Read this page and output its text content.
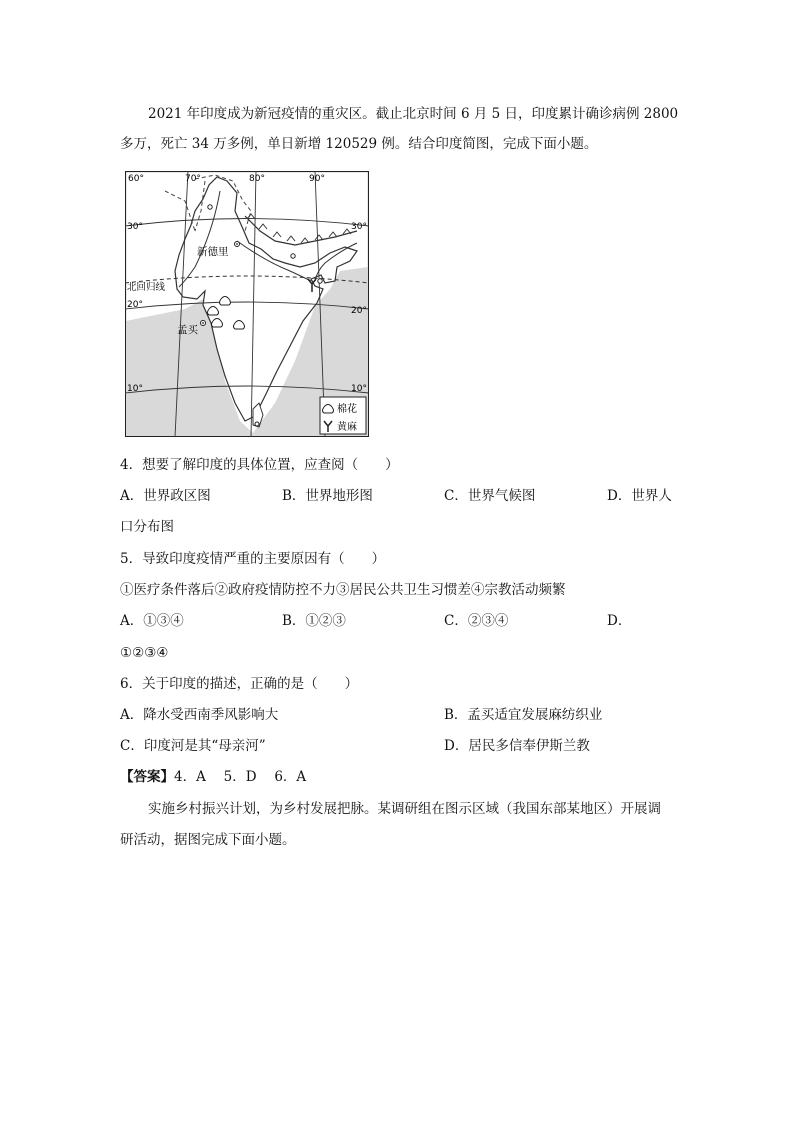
2021 年印度成为新冠疫情的重灾区。截止北京时间 6 月 5 日，印度累计确诊病例 2800
多万，死亡 34 万多例，单日新增 120529 例。结合印度简图，完成下面小题。
60°	70°	80°	90°
30°
20°
10°
30°
20°
10°
新德里
孟买
北回归线
棉花
黄麻
4．想要了解印度的具体位置，应查阅（　　）
A．世界政区图	B．世界地形图	C．世界气候图	D．世界人
口分布图
5．导致印度疫情严重的主要原因有（　　）
①医疗条件落后②政府疫情防控不力③居民公共卫生习惯差④宗教活动频繁
A．①③④	B．①②③	C．②③④	D．
①②③④
6．关于印度的描述，正确的是（　　）
A．降水受西南季风影响大	B．孟买适宜发展麻纺织业
C．印度河是其“母亲河”	D．居民多信奉伊斯兰教
【答案】4．A　 5．D　 6．A
实施乡村振兴计划，为乡村发展把脉。某调研组在图示区域（我国东部某地区）开展调
研活动，据图完成下面小题。
